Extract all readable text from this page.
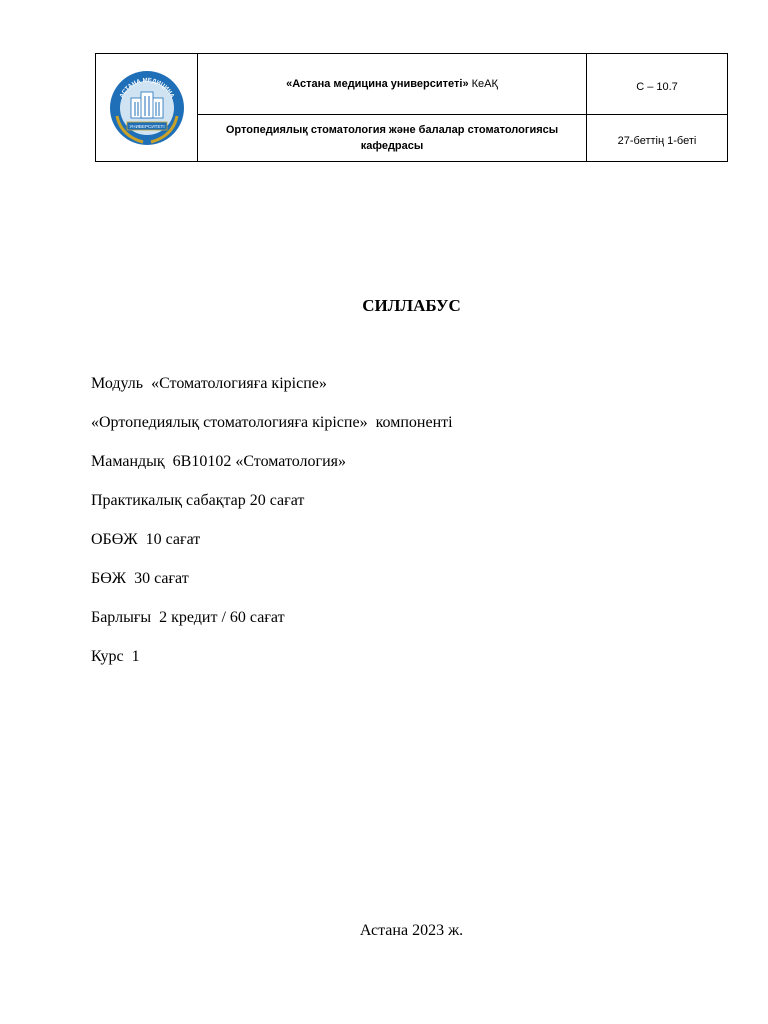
УНИВЕРСИТЕТІ
АСТАНА МЕДИЦИНА	«Астана медицина университеті» КеАҚ	С – 10.7
	Ортопедиялық стоматология және балалар стоматологиясы кафедрасы	27-беттің 1-беті
СИЛЛАБУС
Модуль  «Стоматологияға кіріспе»
«Ортопедиялық стоматологияға кіріспе»  компоненті
Мамандық  6В10102 «Стоматология»
Практикалық сабақтар 20 сағат
ОБӨЖ  10 сағат
БӨЖ  30 сағат
Барлығы  2 кредит / 60 сағат
Курс  1
Астана 2023 ж.
